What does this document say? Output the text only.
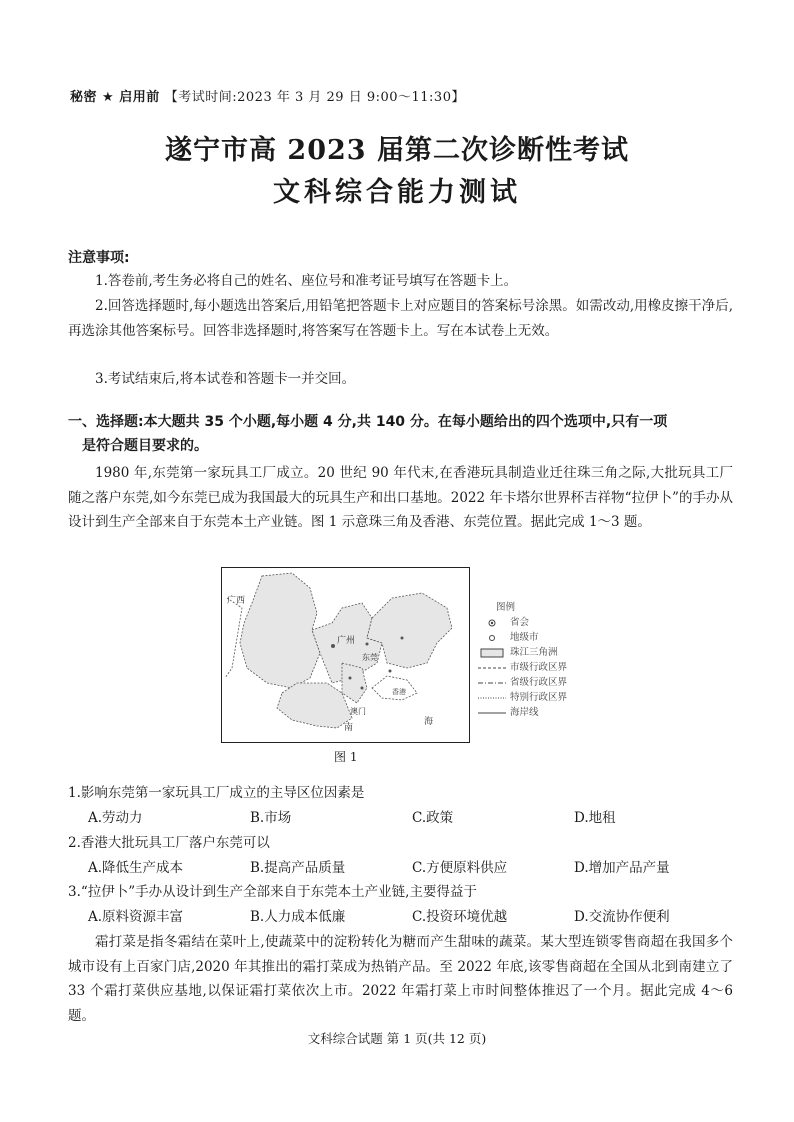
秘密 ★ 启用前 【考试时间:2023 年 3 月 29 日 9:00～11:30】
遂宁市高 2023 届第二次诊断性考试
文科综合能力测试
注意事项:
1.答卷前,考生务必将自己的姓名、座位号和准考证号填写在答题卡上。
2.回答选择题时,每小题选出答案后,用铅笔把答题卡上对应题目的答案标号涂黑。如需改动,用橡皮擦干净后,再选涂其他答案标号。回答非选择题时,将答案写在答题卡上。写在本试卷上无效。
3.考试结束后,将本试卷和答题卡一并交回。
一、选择题:本大题共 35 个小题,每小题 4 分,共 140 分。在每小题给出的四个选项中,只有一项
是符合题目要求的。
1980 年,东莞第一家玩具工厂成立。20 世纪 90 年代末,在香港玩具制造业迁往珠三角之际,大批玩具工厂随之落户东莞,如今东莞已成为我国最大的玩具生产和出口基地。2022 年卡塔尔世界杯吉祥物“拉伊卜”的手办从设计到生产全部来自于东莞本土产业链。图 1 示意珠三角及香港、东莞位置。据此完成 1～3 题。
广西
广州
东莞
香港
澳门
南
海
图例
省会
地级市
珠江三角洲
市级行政区界
省级行政区界
特别行政区界
海岸线
图 1
1.影响东莞第一家玩具工厂成立的主导区位因素是
A.劳动力	B.市场	C.政策	D.地租
2.香港大批玩具工厂落户东莞可以
A.降低生产成本	B.提高产品质量	C.方便原料供应	D.增加产品产量
3.“拉伊卜”手办从设计到生产全部来自于东莞本土产业链,主要得益于
A.原料资源丰富	B.人力成本低廉	C.投资环境优越	D.交流协作便利
霜打菜是指冬霜结在菜叶上,使蔬菜中的淀粉转化为糖而产生甜味的蔬菜。某大型连锁零售商超在我国多个城市设有上百家门店,2020 年其推出的霜打菜成为热销产品。至 2022 年底,该零售商超在全国从北到南建立了 33 个霜打菜供应基地,以保证霜打菜依次上市。2022 年霜打菜上市时间整体推迟了一个月。据此完成 4～6 题。
文科综合试题 第 1 页(共 12 页)
